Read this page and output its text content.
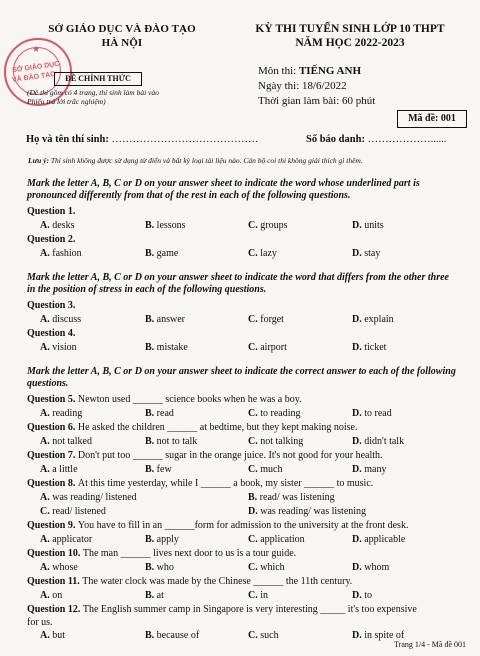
★
SỞ GIÁO DỤC
VÀ ĐÀO TẠO
SỞ GIÁO DỤC VÀ ĐÀO TẠO
HÀ NỘI
ĐỀ CHÍNH THỨC
(Đề thi gồm có 4 trang, thí sinh làm bài vào Phiếu trả lời trắc nghiệm)
KỲ THI TUYỂN SINH LỚP 10 THPT
NĂM HỌC 2022-2023
Môn thi: TIẾNG ANH
Ngày thi: 18/6/2022
Thời gian làm bài: 60 phút
Mã đề: 001
Họ và tên thí sinh: ……………………………………	Số báo danh: ………………......
Lưu ý: Thí sinh không được sử dụng từ điển và bất kỳ loại tài liệu nào. Cán bộ coi thi không giải thích gì thêm.
Mark the letter A, B, C or D on your answer sheet to indicate the word whose underlined part is pronounced differently from that of the rest in each of the following questions.
Question 1.
A. desks	B. lessons	C. groups	D. units
Question 2.
A. fashion	B. game	C. lazy	D. stay
Mark the letter A, B, C or D on your answer sheet to indicate the word that differs from the other three in the position of stress in each of the following questions.
Question 3.
A. discuss	B. answer	C. forget	D. explain
Question 4.
A. vision	B. mistake	C. airport	D. ticket
Mark the letter A, B, C or D on your answer sheet to indicate the correct answer to each of the following questions.
Question 5. Newton used ______ science books when he was a boy.
A. reading	B. read	C. to reading	D. to read
Question 6. He asked the children ______ at bedtime, but they kept making noise.
A. not talked	B. not to talk	C. not talking	D. didn't talk
Question 7. Don't put too ______ sugar in the orange juice. It's not good for your health.
A. a little	B. few	C. much	D. many
Question 8. At this time yesterday, while I ______ a book, my sister ______ to music.
A. was reading/ listened	B. read/ was listening
C. read/ listened	D. was reading/ was listening
Question 9. You have to fill in an ______form for admission to the university at the front desk.
A. applicator	B. apply	C. application	D. applicable
Question 10. The man ______ lives next door to us is a tour guide.
A. whose	B. who	C. which	D. whom
Question 11. The water clock was made by the Chinese ______ the 11th century.
A. on	B. at	C. in	D. to
Question 12. The English summer camp in Singapore is very interesting _____ it's too expensive
for us.
A. but	B. because of	C. such	D. in spite of
Trang 1/4 - Mã đề 001
